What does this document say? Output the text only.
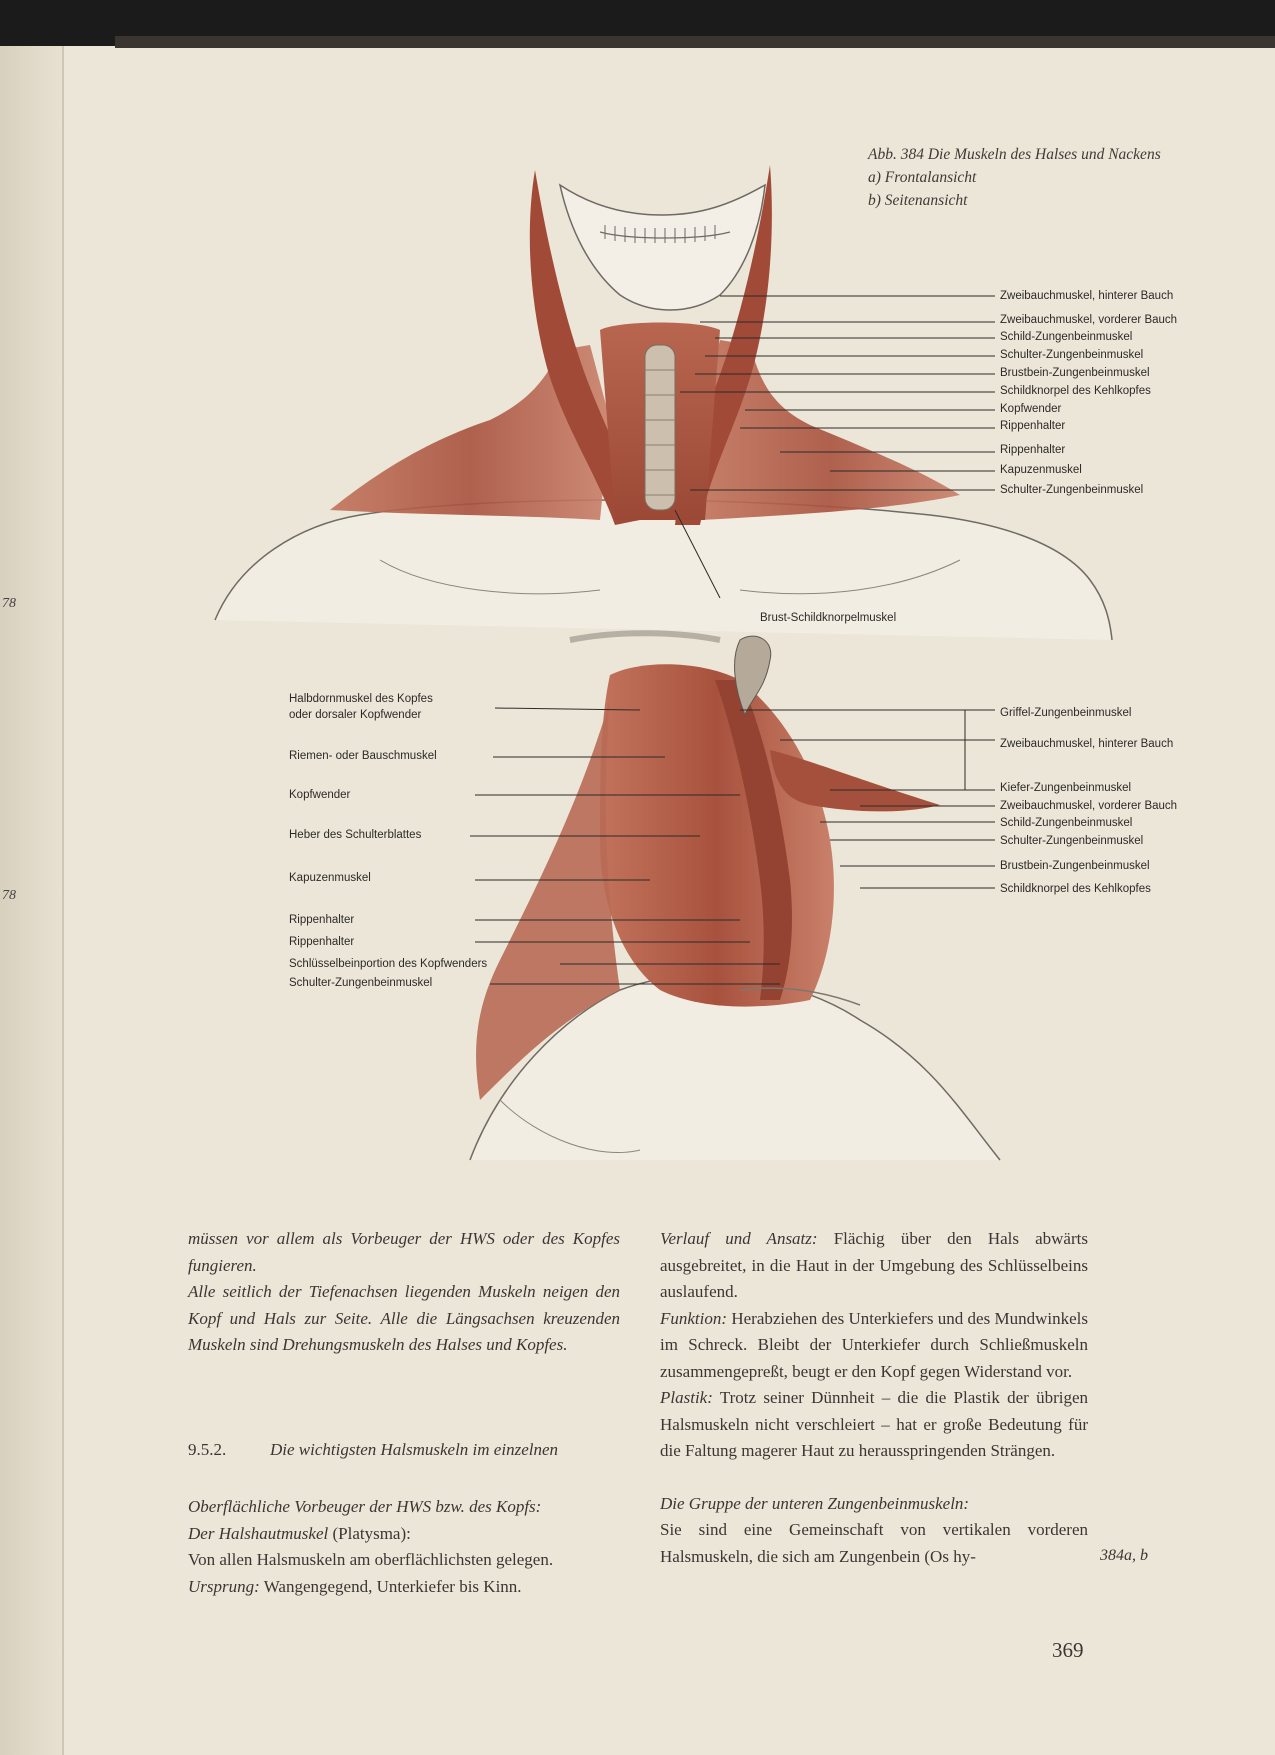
78
78
Abb. 384 Die Muskeln des Halses und Nackens
a) Frontalansicht
b) Seitenansicht
Zweibauchmuskel, hinterer Bauch
Zweibauchmuskel, vorderer Bauch
Schild-Zungenbeinmuskel
Schulter-Zungenbeinmuskel
Brustbein-Zungenbeinmuskel
Schildknorpel des Kehlkopfes
Kopfwender
Rippenhalter
Rippenhalter
Kapuzenmuskel
Schulter-Zungenbeinmuskel
Brust-Schildknorpelmuskel
Halbdornmuskel des Kopfes
oder dorsaler Kopfwender
Riemen- oder Bauschmuskel
Kopfwender
Heber des Schulterblattes
Kapuzenmuskel
Rippenhalter
Rippenhalter
Schlüsselbeinportion des Kopfwenders
Schulter-Zungenbeinmuskel
Griffel-Zungenbeinmuskel
Zweibauchmuskel, hinterer Bauch
Kiefer-Zungenbeinmuskel
Zweibauchmuskel, vorderer Bauch
Schild-Zungenbeinmuskel
Schulter-Zungenbeinmuskel
Brustbein-Zungenbeinmuskel
Schildknorpel des Kehlkopfes

müssen vor allem als Vorbeuger der HWS oder des Kopfes fungieren.

Alle seitlich der Tiefenachsen liegenden Muskeln neigen den Kopf und Hals zur Seite. Alle die Längsachsen kreuzenden Muskeln sind Drehungsmuskeln des Halses und Kopfes.

9.5.2.	Die wichtigsten Halsmuskeln im einzelnen

Oberflächliche Vorbeuger der HWS bzw. des Kopfs:

Der Halshautmuskel (Platysma):

Von allen Halsmuskeln am oberflächlichsten gelegen.

Ursprung: Wangengegend, Unterkiefer bis Kinn.

Verlauf und Ansatz: Flächig über den Hals abwärts ausgebreitet, in die Haut in der Umgebung des Schlüsselbeins auslaufend.

Funktion: Herabziehen des Unterkiefers und des Mundwinkels im Schreck. Bleibt der Unterkiefer durch Schließmuskeln zusammengepreßt, beugt er den Kopf gegen Widerstand vor.

Plastik: Trotz seiner Dünnheit – die die Plastik der übrigen Halsmuskeln nicht verschleiert – hat er große Bedeutung für die Faltung magerer Haut zu herausspringenden Strängen.

Die Gruppe der unteren Zungenbeinmuskeln:

Sie sind eine Gemeinschaft von vertikalen vorderen Halsmuskeln, die sich am Zungenbein (Os hy-	384a, b
369
